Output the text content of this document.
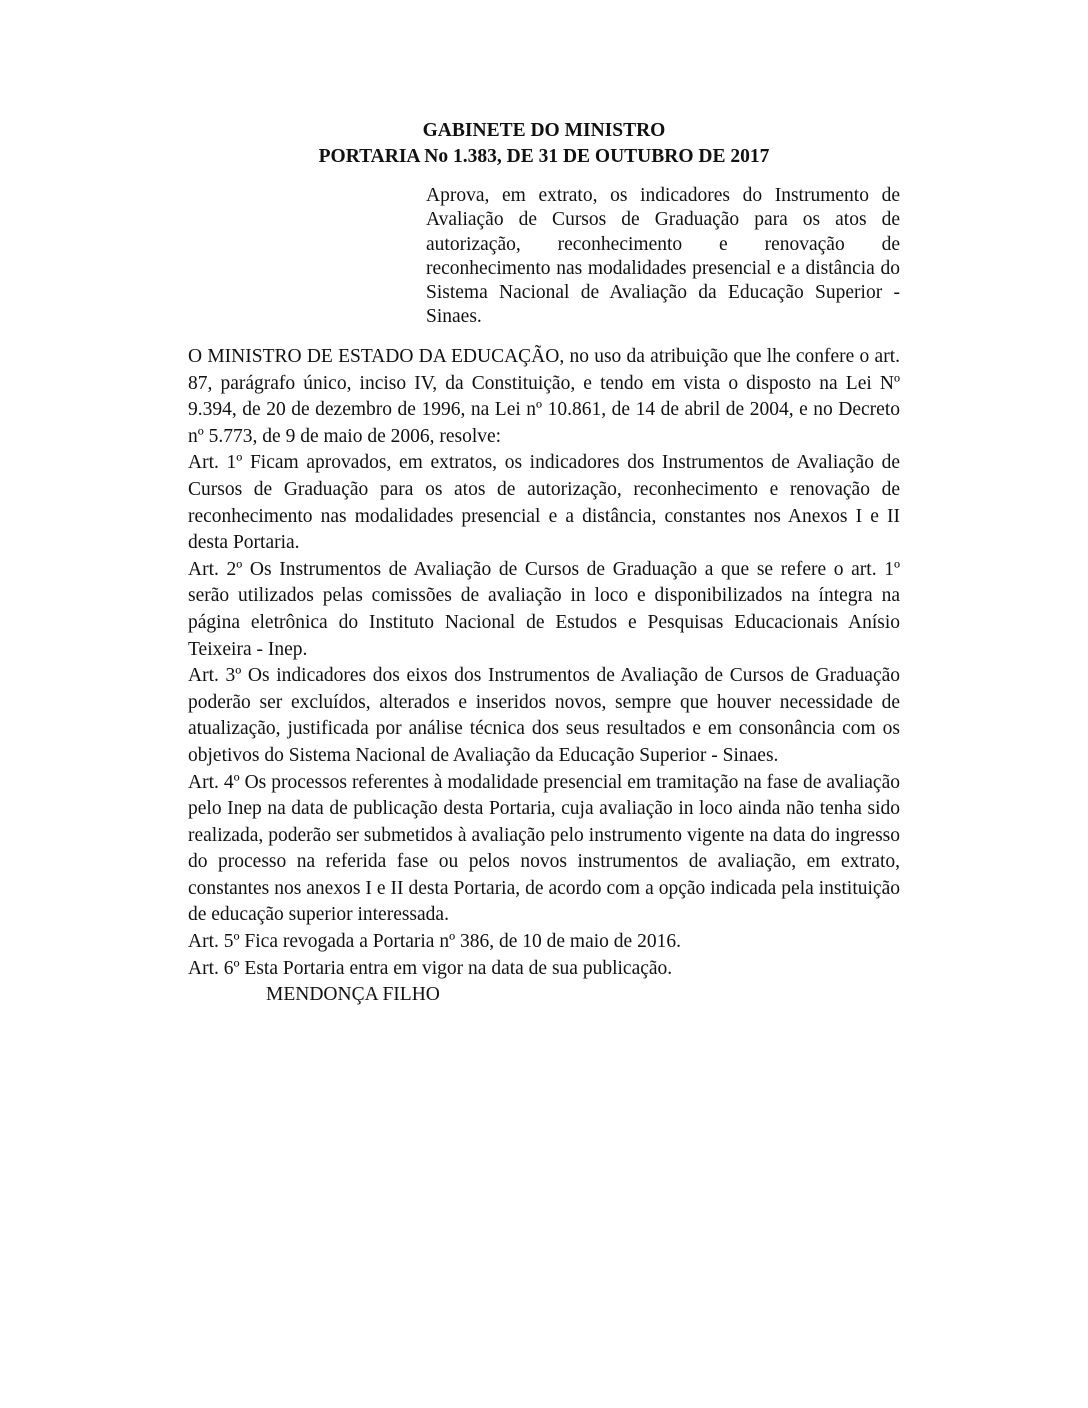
GABINETE DO MINISTRO
PORTARIA No 1.383, DE 31 DE OUTUBRO DE 2017
Aprova, em extrato, os indicadores do Instrumento de Avaliação de Cursos de Graduação para os atos de autorização, reconhecimento e renovação de reconhecimento nas modalidades presencial e a distância do Sistema Nacional de Avaliação da Educação Superior - Sinaes.

O MINISTRO DE ESTADO DA EDUCAÇÃO, no uso da atribuição que lhe confere o art. 87, parágrafo único, inciso IV, da Constituição, e tendo em vista o disposto na Lei Nº 9.394, de 20 de dezembro de 1996, na Lei nº 10.861, de 14 de abril de 2004, e no Decreto nº 5.773, de 9 de maio de 2006, resolve:

Art. 1º Ficam aprovados, em extratos, os indicadores dos Instrumentos de Avaliação de Cursos de Graduação para os atos de autorização, reconhecimento e renovação de reconhecimento nas modalidades presencial e a distância, constantes nos Anexos I e II desta Portaria.

Art. 2º Os Instrumentos de Avaliação de Cursos de Graduação a que se refere o art. 1º serão utilizados pelas comissões de avaliação in loco e disponibilizados na íntegra na página eletrônica do Instituto Nacional de Estudos e Pesquisas Educacionais Anísio Teixeira - Inep.

Art. 3º Os indicadores dos eixos dos Instrumentos de Avaliação de Cursos de Graduação poderão ser excluídos, alterados e inseridos novos, sempre que houver necessidade de atualização, justificada por análise técnica dos seus resultados e em consonância com os objetivos do Sistema Nacional de Avaliação da Educação Superior - Sinaes.

Art. 4º Os processos referentes à modalidade presencial em tramitação na fase de avaliação pelo Inep na data de publicação desta Portaria, cuja avaliação in loco ainda não tenha sido realizada, poderão ser submetidos à avaliação pelo instrumento vigente na data do ingresso do processo na referida fase ou pelos novos instrumentos de avaliação, em extrato, constantes nos anexos I e II desta Portaria, de acordo com a opção indicada pela instituição de educação superior interessada.

Art. 5º Fica revogada a Portaria nº 386, de 10 de maio de 2016.

Art. 6º Esta Portaria entra em vigor na data de sua publicação.

MENDONÇA FILHO
